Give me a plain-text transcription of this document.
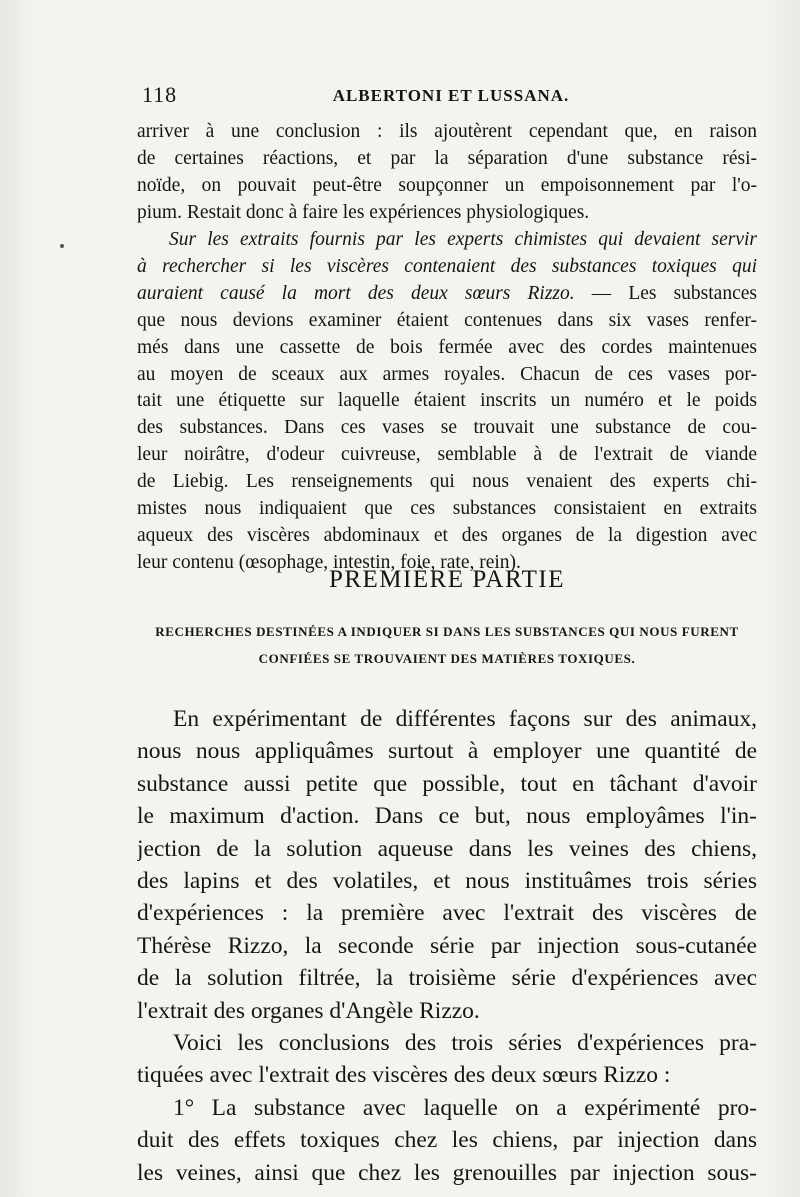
118	ALBERTONI ET LUSSANA.

arriver à une conclusion : ils ajoutèrent cependant que, en raison
de certaines réactions, et par la séparation d'une substance rési-
noïde, on pouvait peut-être soupçonner un empoisonnement par l'o-
pium. Restait donc à faire les expériences physiologiques.

Sur les extraits fournis par les experts chimistes qui devaient servir
à rechercher si les viscères contenaient des substances toxiques qui
auraient causé la mort des deux sœurs Rizzo. — Les substances
que nous devions examiner étaient contenues dans six vases renfer-
més dans une cassette de bois fermée avec des cordes maintenues
au moyen de sceaux aux armes royales. Chacun de ces vases por-
tait une étiquette sur laquelle étaient inscrits un numéro et le poids
des substances. Dans ces vases se trouvait une substance de cou-
leur noirâtre, d'odeur cuivreuse, semblable à de l'extrait de viande
de Liebig. Les renseignements qui nous venaient des experts chi-
mistes nous indiquaient que ces substances consistaient en extraits
aqueux des viscères abdominaux et des organes de la digestion avec
leur contenu (œsophage, intestin, foie, rate, rein).

PREMIÈRE PARTIE
RECHERCHES DESTINÉES A INDIQUER SI DANS LES SUBSTANCES QUI NOUS FURENT
CONFIÉES SE TROUVAIENT DES MATIÈRES TOXIQUES.
En expérimentant de différentes façons sur des animaux,
nous nous appliquâmes surtout à employer une quantité de
substance aussi petite que possible, tout en tâchant d'avoir
le maximum d'action. Dans ce but, nous employâmes l'in-
jection de la solution aqueuse dans les veines des chiens,
des lapins et des volatiles, et nous instituâmes trois séries
d'expériences : la première avec l'extrait des viscères de
Thérèse Rizzo, la seconde série par injection sous-cutanée
de la solution filtrée, la troisième série d'expériences avec
l'extrait des organes d'Angèle Rizzo.
Voici les conclusions des trois séries d'expériences pra-
tiquées avec l'extrait des viscères des deux sœurs Rizzo :
1° La substance avec laquelle on a expérimenté pro-
duit des effets toxiques chez les chiens, par injection dans
les veines, ainsi que chez les grenouilles par injection sous-
